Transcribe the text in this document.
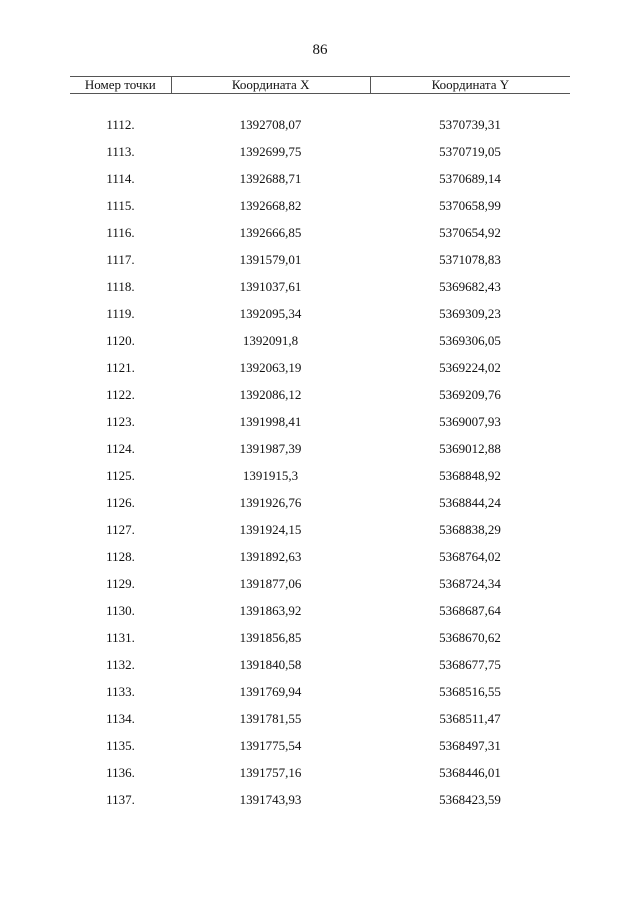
86
Номер точки	Координата X	Координата Y
1112.	1392708,07	5370739,31
1113.	1392699,75	5370719,05
1114.	1392688,71	5370689,14
1115.	1392668,82	5370658,99
1116.	1392666,85	5370654,92
1117.	1391579,01	5371078,83
1118.	1391037,61	5369682,43
1119.	1392095,34	5369309,23
1120.	1392091,8	5369306,05
1121.	1392063,19	5369224,02
1122.	1392086,12	5369209,76
1123.	1391998,41	5369007,93
1124.	1391987,39	5369012,88
1125.	1391915,3	5368848,92
1126.	1391926,76	5368844,24
1127.	1391924,15	5368838,29
1128.	1391892,63	5368764,02
1129.	1391877,06	5368724,34
1130.	1391863,92	5368687,64
1131.	1391856,85	5368670,62
1132.	1391840,58	5368677,75
1133.	1391769,94	5368516,55
1134.	1391781,55	5368511,47
1135.	1391775,54	5368497,31
1136.	1391757,16	5368446,01
1137.	1391743,93	5368423,59
